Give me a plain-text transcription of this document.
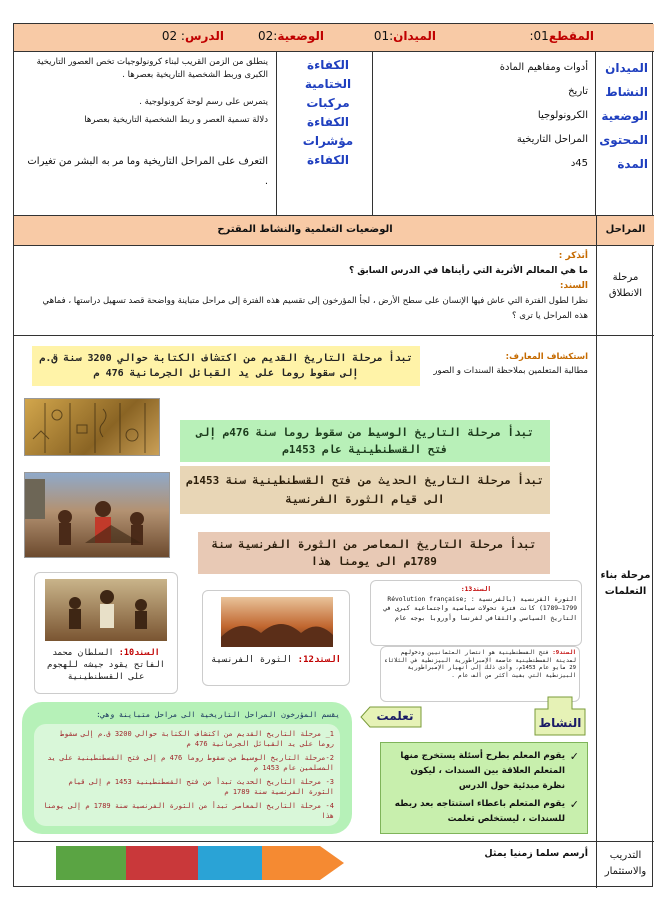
المقطع01:
الميدان:01
الوضعية:02
الدرس: 02
الميدان
النشاط
الوضعية
المحتوى
المدة
أدوات ومفاهيم المادة
تاريخ
الكرونولوجيا
المراحل التاريخية
45د
الكفاءة
الختامية
مركبات
الكفاءة
مؤشرات
الكفاءة
ينطلق من الزمن القريب لبناء كرونولوجيات تخص العصور التاريخية الكبرى وربط الشخصية التاريخية بعصرها .
يتمرس على رسم لوحة كرونولوجية .
دلالة تسمية العصر و ربط الشخصية التاريخية بعصرها
التعرف على المراحل التاريخية وما مر به البشر من تغيرات .
الوضعيات التعلمية والنشاط المقترح	المراحل
مرحلة
الانطلاق
أتذكر :
ما هي المعالم الأثرية التي رأيناها في الدرس السابق ؟
السند:
نظرا لطول الفترة التي عاش فيها الإنسان على سطح الأرض ، لجأ المؤرخون إلى تقسيم هذه الفترة إلى مراحل متباينة وواضحة قصد تسهيل دراستها ، فماهي هذه المراحل يا ترى ؟
مرحلة بناء
التعلمات
استكشاف المعارف:
مطالبة المتعلمين بملاحظة السندات و الصور
تبدأ مرحلة التاريخ القديم من اكتشاف الكتابة حوالي 3200 سنة ق.م إلى سقوط روما على يد القبائل الجرمانية 476 م
تبدأ مرحلة التاريخ الوسيط من سقوط روما سنة 476م إلى فتح القسطنطينية عام 1453م
تبدأ مرحلة التاريخ الحديث من فتح القسطنطينية سنة 1453م الى قيام الثورة الفرنسية
تبدأ مرحلة التاريخ المعاصر من الثورة الفرنسية سنة 1789م الى يومنا هذا
السند13:
الثورة الفرنسية (بالفرنسية : Révolution française; 1789–1799) كانت فترة تحولات سياسية واجتماعية كبرى في التاريخ السياسي والثقافي لفرنسا وأوروبا بوجه عام
السند9: فتح القسطنطينية هو انتصار العثمانيين ودخولهم لمدينة القسطنطينية عاصمة الإمبراطورية البيزنطية في الثلاثاء 29 مايو عام 1453م، وأدى ذلك إلى انهيار الإمبراطورية البيزنطية التي بقيت أكثر من ألف عام .
السند10: السلطان محمد الفاتح يقود جيشه للهجوم على القسطنطينية
السند12: الثورة الفرنسية
تعلمت	النشاط
يقسم المؤرخون المراحل التاريخية الى مراحل متباينة وهي:
1_ مرحلة التاريخ القديم من اكتشاف الكتابة حوالي 3200 ق.م إلى سقوط روما على يد القبائل الجرمانية 476 م
2-مرحلة التاريخ الوسيط من سقوط روما 476 م إلى فتح القسطنطينية على يد المسلمين عام 1453 م
3- مرحلة التاريخ الحديث تبدأ من فتح القسطنطينية 1453 م إلى قيام الثورة الفرنسية سنة 1789 م
4- مرحلة التاريخ المعاصر تبدأ من الثورة الفرنسية سنة 1789 م إلى يومنا هذا
✓ يقوم المعلم بطرح أسئلة يستخرج منها المتعلم العلاقة بين السندات ، ليكون نظرة مبدئية حول الدرس
✓ يقوم المتعلم باعطاء استنتاجه بعد ربطه للسندات ، ليستخلص تعلمت
التدريب
والاستثمار
أرسم سلما زمنيا يمثل
